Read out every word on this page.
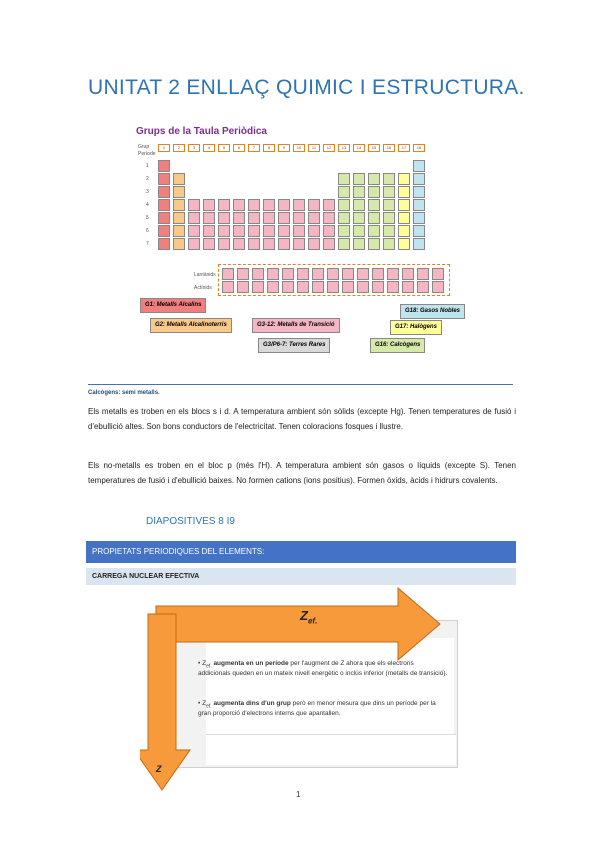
UNITAT 2 ENLLAÇ QUIMIC I ESTRUCTURA.
Grups de la Taula Periòdica
1	2	3	4	5	6	7	8	9	10	11	12	13	14	15	16	17	18
Grup
Període
1
2
3
4
5
6
7
Lantànids
Actínids
G1: Metalls Alcalins
G18: Gasos Nobles
G2: Metalls Alcalinoterris	G3-12: Metalls de Transició	G17: Halògens
G3/P6-7: Terres Rares	G16: Calcògens
Calcògens: semi metalls.
Els metalls es troben en els blocs s i d. A temperatura ambient són sòlids (excepte Hg). Tenen temperatures de fusió i d'ebullició altes. Son bons conductors de l'electricitat. Tenen coloracions fosques i llustre.
Els no-metalls es troben en el bloc p (més l'H). A temperatura ambient són gasos o líquids (excepte S). Tenen temperatures de fusió i d'ebullició baixes. No formen cations (ions positius). Formen òxids, àcids i hidrurs covalents.
DIAPOSITIVES 8 I9
PROPIETATS PERIODIQUES DEL ELEMENTS:
CARREGA NUCLEAR EFECTIVA
$Z_{ef.}$
Z
• $Z_{ef.}$ augmenta en un període per l'augment de Z ahora que els electrons addicionals queden en un mateix nivell energètic o inclús inferior (metalls de transició).
• $Z_{ef.}$ augmenta dins d'un grup però en menor mesura que dins un període per la gran proporció d'electrons interns que apantallen.
1
